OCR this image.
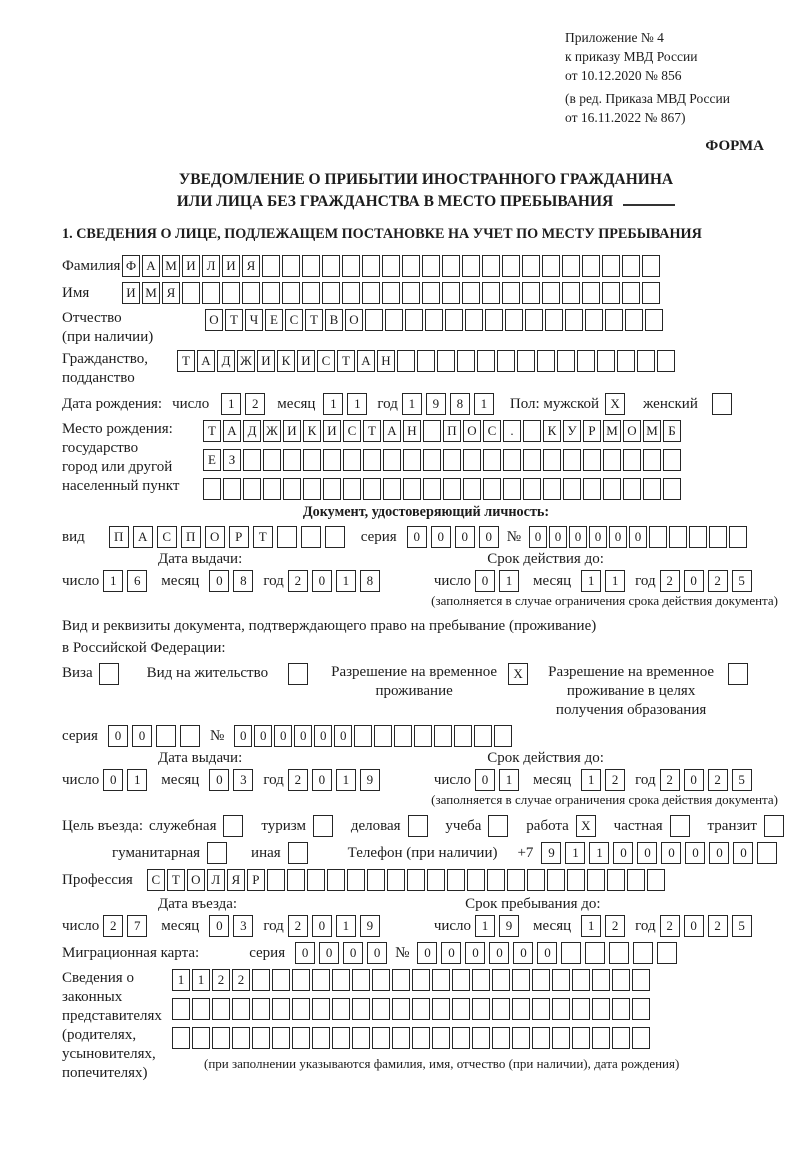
Приложение № 4
к приказу МВД России
от 10.12.2020 № 856
(в ред. Приказа МВД России
от 16.11.2022 № 867)
ФОРМА
УВЕДОМЛЕНИЕ О ПРИБЫТИИ ИНОСТРАННОГО ГРАЖДАНИНА
ИЛИ ЛИЦА БЕЗ ГРАЖДАНСТВА В МЕСТО ПРЕБЫВАНИЯ
1. СВЕДЕНИЯ О ЛИЦЕ, ПОДЛЕЖАЩЕМ ПОСТАНОВКЕ НА УЧЕТ ПО МЕСТУ ПРЕБЫВАНИЯ
Фамилия Ф А М И Л И Я
Имя	И М Я
Отчество
(при наличии)
О Т Ч Е С Т В О
Гражданство,
подданство
Т А Д Ж И К И С Т А Н
Дата рождения: число	1	2	месяц	1	1	год 1	9	8	1	Пол: мужской X	женский
Место рождения:
государство
город или другой
населенный пункт
Т А Д Ж И К И С Т А Н	П О С	.	К У Р М О М Б
Е З
Документ, удостоверяющий личность:
вид	П	А	С	П	О	Р	Т	серия	0	0	0	0 №	0	0	0	0	0	0
Дата выдачи:	Срок действия до:
число 1	6	месяц	0	8	год 2	0	1	8	число 0	1	месяц	1	1	год 2	0	2	5
(заполняется в случае ограничения срока действия документа)
Вид и реквизиты документа, подтверждающего право на пребывание (проживание)
в Российской Федерации:
Виза	Вид на жительство	Разрешение на временное проживание
X	Разрешение на временное проживание в целях получения образования
серия	0	0	№	0	0	0	0	0	0
Дата выдачи:	Срок действия до:
число 0	1	месяц	0	3	год 2	0	1	9	число 0	1	месяц	1	2	год 2	0	2	5
(заполняется в случае ограничения срока действия документа)
Цель въезда: служебная	туризм	деловая	учеба	работа X	частная	транзит
гуманитарная	иная	Телефон (при наличии) +7	9	1	1	0	0	0	0	0	0
Профессия	С Т О Л Я Р
Дата въезда:	Срок пребывания до:
число 2	7	месяц	0	3	год 2	0	1	9	число 1	9	месяц	1	2	год 2	0	2	5
Миграционная карта:	серия	0	0	0	0 №	0	0	0	0	0	0
Сведения о
законных
представителях
(родителях,
усыновителях,
попечителях)
1	1	2	2
(при заполнении указываются фамилия, имя, отчество (при наличии), дата рождения)
